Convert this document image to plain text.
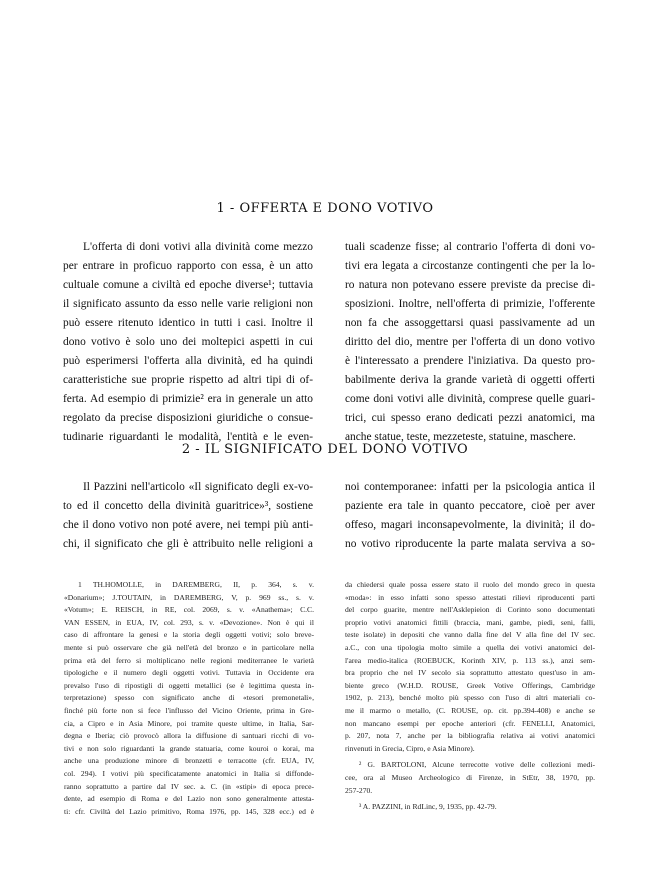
1 - OFFERTA E DONO VOTIVO
L'offerta di doni votivi alla divinità come mezzo
per entrare in proficuo rapporto con essa, è un atto
cultuale comune a civiltà ed epoche diverse¹; tuttavia
il significato assunto da esso nelle varie religioni non
può essere ritenuto identico in tutti i casi. Inoltre il
dono votivo è solo uno dei moltepici aspetti in cui
può esperimersi l'offerta alla divinità, ed ha quindi
caratteristiche sue proprie rispetto ad altri tipi di of-
ferta. Ad esempio di primizie² era in generale un atto
regolato da precise disposizioni giuridiche o consue-
tudinarie riguardanti le modalità, l'entità e le even-
tuali scadenze fisse; al contrario l'offerta di doni vo-
tivi era legata a circostanze contingenti che per la lo-
ro natura non potevano essere previste da precise di-
sposizioni. Inoltre, nell'offerta di primizie, l'offerente
non fa che assoggettarsi quasi passivamente ad un
diritto del dio, mentre per l'offerta di un dono votivo
è l'interessato a prendere l'iniziativa. Da questo pro-
babilmente deriva la grande varietà di oggetti offerti
come doni votivi alle divinità, comprese quelle guari-
trici, cui spesso erano dedicati pezzi anatomici, ma
anche statue, teste, mezzeteste, statuine, maschere.
2 - IL SIGNIFICATO DEL DONO VOTIVO
Il Pazzini nell'articolo «Il significato degli ex-vo-
to ed il concetto della divinità guaritrice»³, sostiene
che il dono votivo non poté avere, nei tempi più anti-
chi, il significato che gli è attribuito nelle religioni a
noi contemporanee: infatti per la psicologia antica il
paziente era tale in quanto peccatore, cioè per aver
offeso, magari inconsapevolmente, la divinità; il do-
no votivo riproducente la parte malata serviva a so-
1 TH.HOMOLLE, in DAREMBERG, II, p. 364, s. v.
«Donarium»; J.TOUTAIN, in DAREMBERG, V, p. 969 ss., s. v.
«Votum»; E. REISCH, in RE, col. 2069, s. v. «Anathema»; C.C.
VAN ESSEN, in EUA, IV, col. 293, s. v. «Devozione». Non è qui il
caso di affrontare la genesi e la storia degli oggetti votivi; solo breve-
mente si può osservare che già nell'età del bronzo e in particolare nella
prima età del ferro si moltiplicano nelle regioni mediterranee le varietà
tipologiche e il numero degli oggetti votivi. Tuttavia in Occidente era
prevalso l'uso di ripostigli di oggetti metallici (se è legittima questa in-
terpretazione) spesso con significato anche di «tesori premonetali»,
finché più forte non si fece l'influsso del Vicino Oriente, prima in Gre-
cia, a Cipro e in Asia Minore, poi tramite queste ultime, in Italia, Sar-
degna e Iberia; ciò provocò allora la diffusione di santuari ricchi di vo-
tivi e non solo riguardanti la grande statuaria, come kouroi o korai, ma
anche una produzione minore di bronzetti e terracotte (cfr. EUA, IV,
col. 294). I votivi più specificatamente anatomici in Italia si diffonde-
ranno soprattutto a partire dal IV sec. a. C. (in «stipi» di epoca prece-
dente, ad esempio di Roma e del Lazio non sono generalmente attesta-
ti: cfr. Civiltà del Lazio primitivo, Roma 1976, pp. 145, 328 ecc.) ed è
da chiedersi quale possa essere stato il ruolo del mondo greco in questa
«moda»: in esso infatti sono spesso attestati rilievi riproducenti parti
del corpo guarite, mentre nell'Asklepieion di Corinto sono documentati
proprio votivi anatomici fittili (braccia, mani, gambe, piedi, seni, falli,
teste isolate) in depositi che vanno dalla fine del V alla fine del IV sec.
a.C., con una tipologia molto simile a quella dei votivi anatomici del-
l'area medio-italica (ROEBUCK, Korinth XIV, p. 113 ss.), anzi sem-
bra proprio che nel IV secolo sia soprattutto attestato quest'uso in am-
biente greco (W.H.D. ROUSE, Greek Votive Offerings, Cambridge
1902, p. 213), benché molto più spesso con l'uso di altri materiali co-
me il marmo o metallo, (C. ROUSE, op. cit. pp.394-408) e anche se
non mancano esempi per epoche anteriori (cfr. FENELLI, Anatomici,
p. 207, nota 7, anche per la bibliografia relativa ai votivi anatomici
rinvenuti in Grecia, Cipro, e Asia Minore).
² G. BARTOLONI, Alcune terrecotte votive delle collezioni medi-
cee, ora al Museo Archeologico di Firenze, in StEtr, 38, 1970, pp.
257-270.
³ A. PAZZINI, in RdLinc, 9, 1935, pp. 42-79.
